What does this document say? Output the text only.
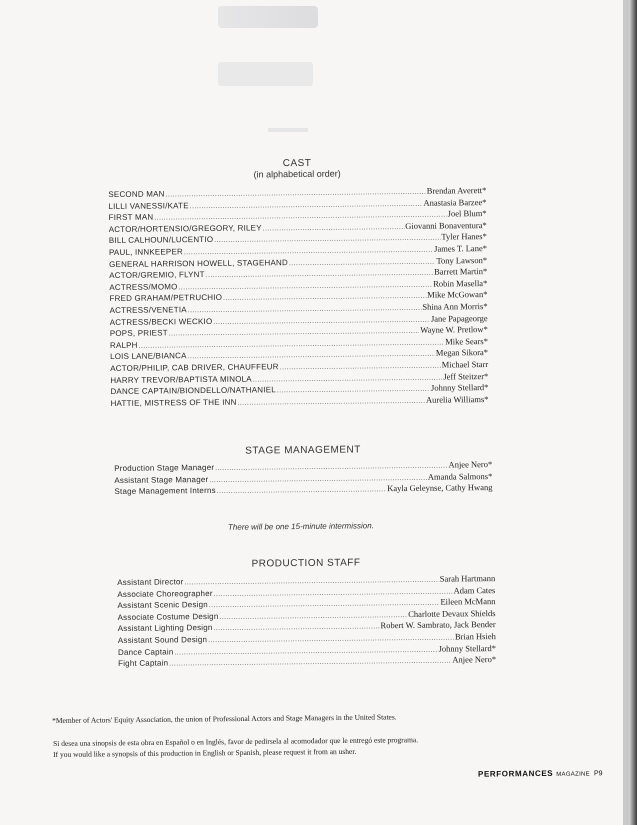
CAST
(in alphabetical order)
SECOND MAN .....	Brendan Averett*
LILLI VANESSI/KATE .....	Anastasia Barzee*
FIRST MAN .....	Joel Blum*
ACTOR/HORTENSIO/GREGORY, RILEY .....	Giovanni Bonaventura*
BILL CALHOUN/LUCENTIO .....	Tyler Hanes*
PAUL, INNKEEPER .....	James T. Lane*
GENERAL HARRISON HOWELL, STAGEHAND .....	Tony Lawson*
ACTOR/GREMIO, FLYNT .....	Barrett Martin*
ACTRESS/MOMO .....	Robin Masella*
FRED GRAHAM/PETRUCHIO .....	Mike McGowan*
ACTRESS/VENETIA .....	Shina Ann Morris*
ACTRESS/BECKI WECKIO .....	Jane Papageorge
POPS, PRIEST .....	Wayne W. Pretlow*
RALPH .....	Mike Sears*
LOIS LANE/BIANCA .....	Megan Sikora*
ACTOR/PHILIP, CAB DRIVER, CHAUFFEUR .....	Michael Starr
HARRY TREVOR/BAPTISTA MINOLA .....	Jeff Steitzer*
DANCE CAPTAIN/BIONDELLO/NATHANIEL .....	Johnny Stellard*
HATTIE, MISTRESS OF THE INN .....	Aurelia Williams*
STAGE MANAGEMENT
Production Stage Manager .....	Anjee Nero*
Assistant Stage Manager .....	Amanda Salmons*
Stage Management Interns .....	Kayla Geleynse, Cathy Hwang
There will be one 15-minute intermission.
PRODUCTION STAFF
Assistant Director .....	Sarah Hartmann
Associate Choreographer .....	Adam Cates
Assistant Scenic Design .....	Eileen McMann
Associate Costume Design .....	Charlotte Devaux Shields
Assistant Lighting Design .....	Robert W. Sambrato, Jack Bender
Assistant Sound Design .....	Brian Hsieh
Dance Captain .....	Johnny Stellard*
Fight Captain .....	Anjee Nero*
*Member of Actors' Equity Association, the union of Professional Actors and Stage Managers in the United States.
Si desea una sinopsis de esta obra en Español o en Inglés, favor de pedirsela al acomodador que le entregó este programa.
If you would like a synopsis of this production in English or Spanish, please request it from an usher.
PERFORMANCES MAGAZINE P9
